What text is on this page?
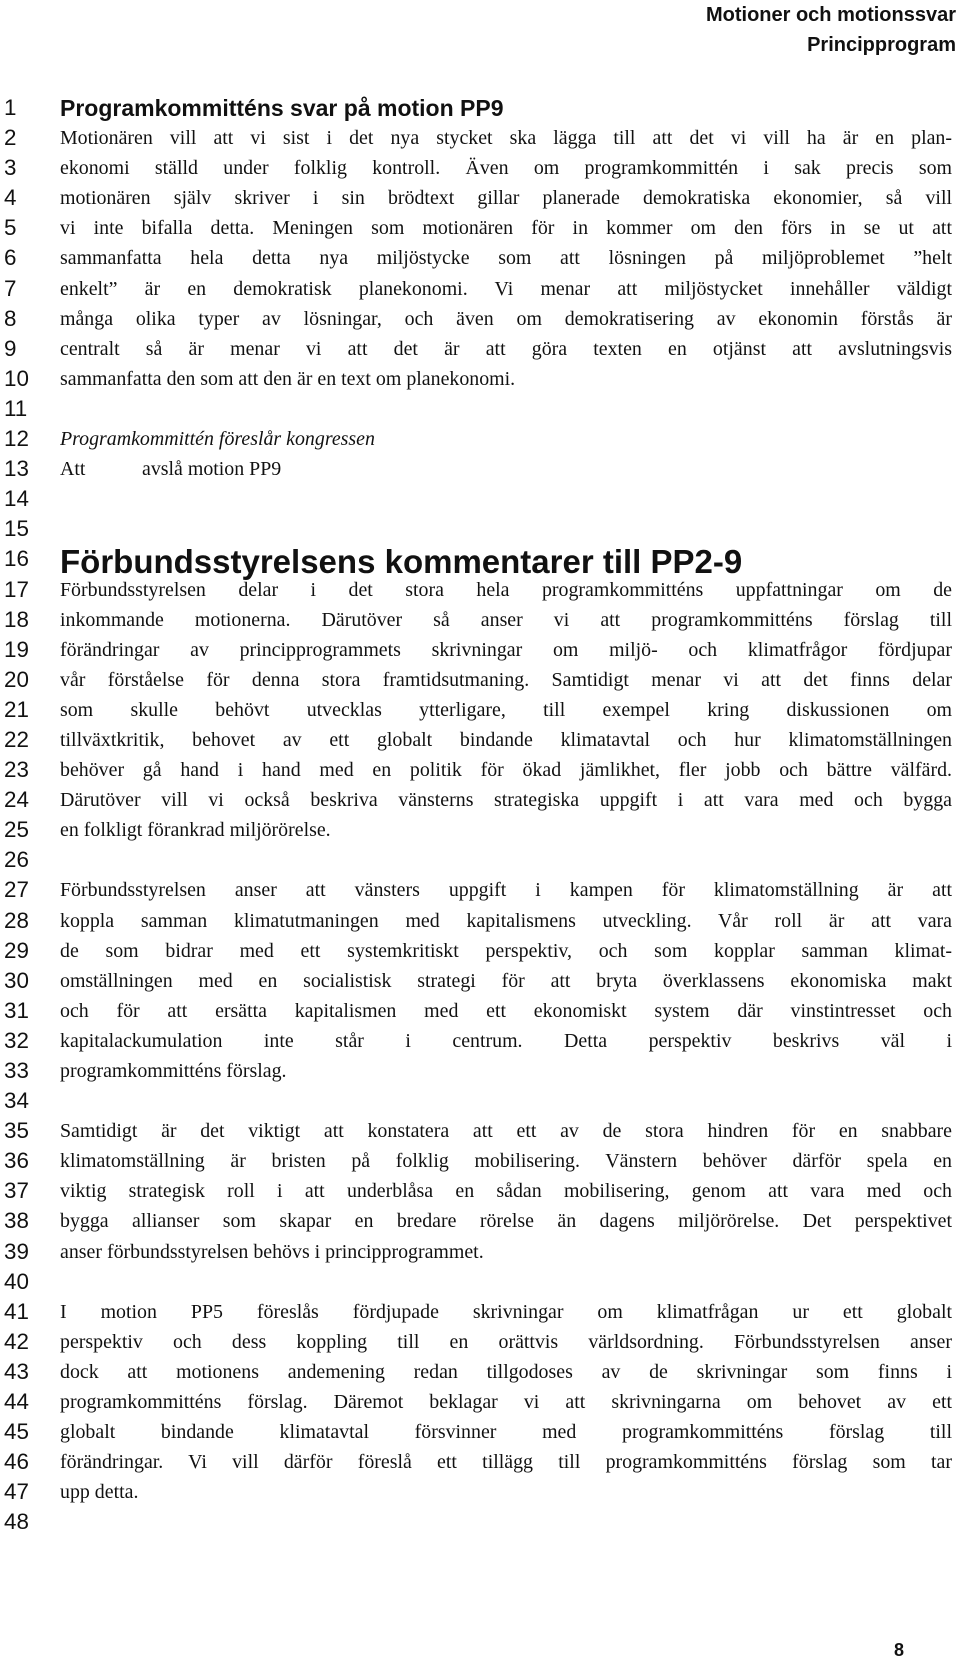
Motioner och motionssvar
Principprogram
1
2
3
4
5
6
7
8
9
10
11
12
13
14
15
16
17
18
19
20
21
22
23
24
25
26
27
28
29
30
31
32
33
34
35
36
37
38
39
40
41
42
43
44
45
46
47
48
Programkommitténs svar på motion PP9
Motionären vill att vi sist i det nya stycket ska lägga till att det vi vill ha är en plan-
ekonomi ställd under folklig kontroll. Även om programkommittén i sak precis som
motionären själv skriver i sin brödtext gillar planerade demokratiska ekonomier, så vill
vi inte bifalla detta. Meningen som motionären för in kommer om den förs in se ut att
sammanfatta hela detta nya miljöstycke som att lösningen på miljöproblemet ”helt
enkelt” är en demokratisk planekonomi. Vi menar att miljöstycket innehåller väldigt
många olika typer av lösningar, och även om demokratisering av ekonomin förstås är
centralt så är menar vi att det är att göra texten en otjänst att avslutningsvis
sammanfatta den som att den är en text om planekonomi.
Programkommittén föreslår kongressen
Att	avslå motion PP9
Förbundsstyrelsens kommentarer till PP2-9
Förbundsstyrelsen delar i det stora hela programkommitténs uppfattningar om de
inkommande motionerna. Därutöver så anser vi att programkommitténs förslag till
förändringar av principprogrammets skrivningar om miljö- och klimatfrågor fördjupar
vår förståelse för denna stora framtidsutmaning. Samtidigt menar vi att det finns delar
som skulle behövt utvecklas ytterligare, till exempel kring diskussionen om
tillväxtkritik, behovet av ett globalt bindande klimatavtal och hur klimatomställningen
behöver gå hand i hand med en politik för ökad jämlikhet, fler jobb och bättre välfärd.
Därutöver vill vi också beskriva vänsterns strategiska uppgift i att vara med och bygga
en folkligt förankrad miljörörelse.
Förbundsstyrelsen anser att vänsters uppgift i kampen för klimatomställning är att
koppla samman klimatutmaningen med kapitalismens utveckling. Vår roll är att vara
de som bidrar med ett systemkritiskt perspektiv, och som kopplar samman klimat-
omställningen med en socialistisk strategi för att bryta överklassens ekonomiska makt
och för att ersätta kapitalismen med ett ekonomiskt system där vinstintresset och
kapitalackumulation inte står i centrum. Detta perspektiv beskrivs väl i
programkommitténs förslag.
Samtidigt är det viktigt att konstatera att ett av de stora hindren för en snabbare
klimatomställning är bristen på folklig mobilisering. Vänstern behöver därför spela en
viktig strategisk roll i att underblåsa en sådan mobilisering, genom att vara med och
bygga allianser som skapar en bredare rörelse än dagens miljörörelse. Det perspektivet
anser förbundsstyrelsen behövs i principprogrammet.
I motion PP5 föreslås fördjupade skrivningar om klimatfrågan ur ett globalt
perspektiv och dess koppling till en orättvis världsordning. Förbundsstyrelsen anser
dock att motionens andemening redan tillgodoses av de skrivningar som finns i
programkommitténs förslag. Däremot beklagar vi att skrivningarna om behovet av ett
globalt bindande klimatavtal försvinner med programkommitténs förslag till
förändringar. Vi vill därför föreslå ett tillägg till programkommitténs förslag som tar
upp detta.
8
